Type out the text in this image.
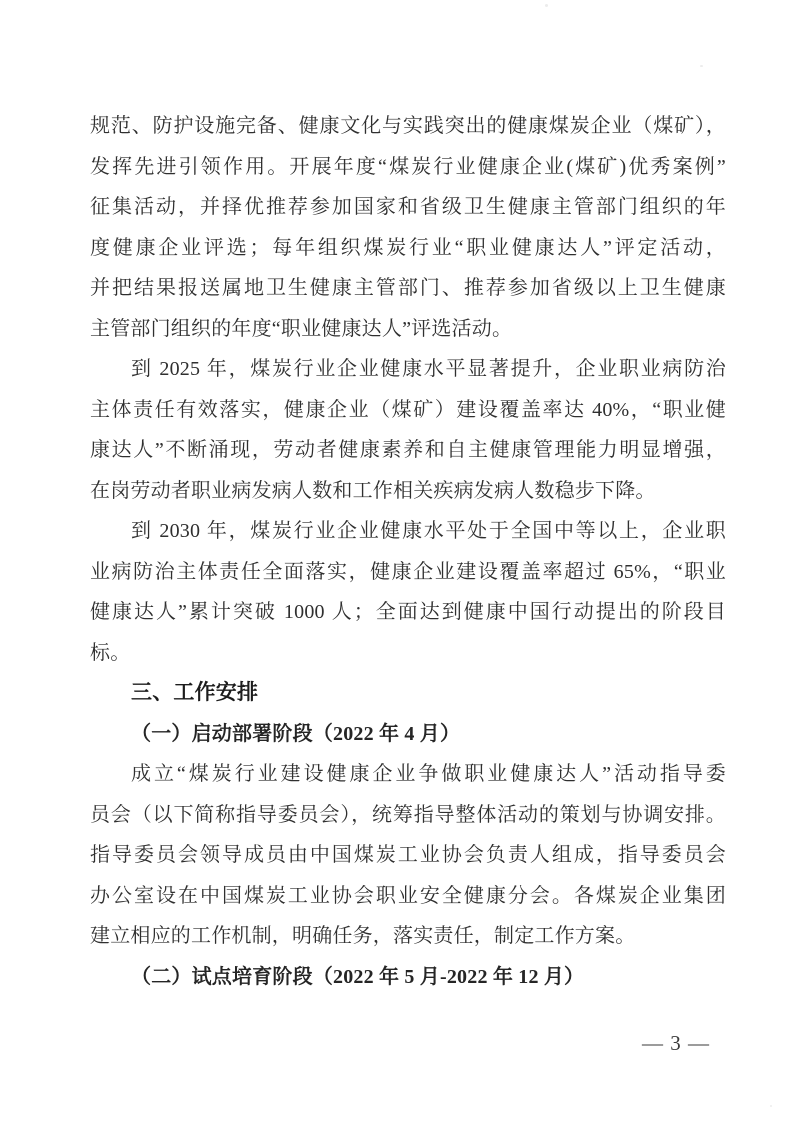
规范、防护设施完备、健康文化与实践突出的健康煤炭企业（煤矿），
发挥先进引领作用。开展年度“煤炭行业健康企业(煤矿)优秀案例”
征集活动，并择优推荐参加国家和省级卫生健康主管部门组织的年
度健康企业评选；每年组织煤炭行业“职业健康达人”评定活动，
并把结果报送属地卫生健康主管部门、推荐参加省级以上卫生健康
主管部门组织的年度“职业健康达人”评选活动。
到 2025 年，煤炭行业企业健康水平显著提升，企业职业病防治
主体责任有效落实，健康企业（煤矿）建设覆盖率达 40%，“职业健
康达人”不断涌现，劳动者健康素养和自主健康管理能力明显增强，
在岗劳动者职业病发病人数和工作相关疾病发病人数稳步下降。
到 2030 年，煤炭行业企业健康水平处于全国中等以上，企业职
业病防治主体责任全面落实，健康企业建设覆盖率超过 65%，“职业
健康达人”累计突破 1000 人；全面达到健康中国行动提出的阶段目
标。
三、工作安排
（一）启动部署阶段（2022 年 4 月）
成立“煤炭行业建设健康企业争做职业健康达人”活动指导委
员会（以下简称指导委员会），统筹指导整体活动的策划与协调安排。
指导委员会领导成员由中国煤炭工业协会负责人组成，指导委员会
办公室设在中国煤炭工业协会职业安全健康分会。各煤炭企业集团
建立相应的工作机制，明确任务，落实责任，制定工作方案。
（二）试点培育阶段（2022 年 5 月-2022 年 12 月）
— 3 —
